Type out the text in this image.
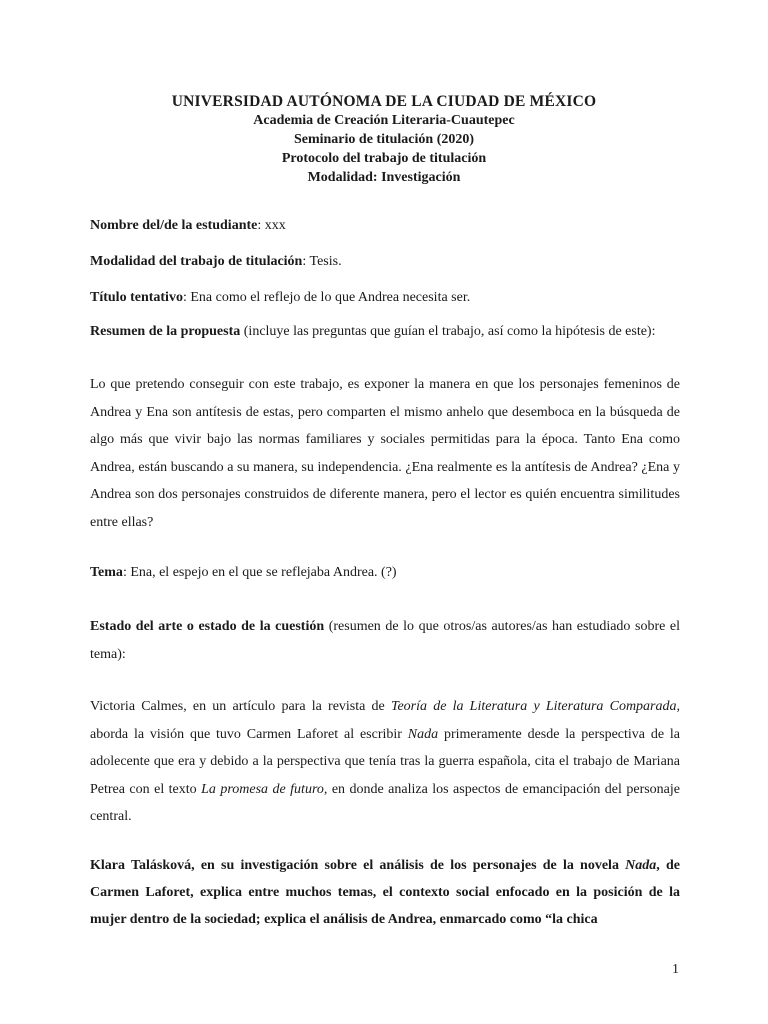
UNIVERSIDAD AUTÓNOMA DE LA CIUDAD DE MÉXICO
Academia de Creación Literaria-Cuautepec
Seminario de titulación (2020)
Protocolo del trabajo de titulación
Modalidad: Investigación
Nombre del/de la estudiante: xxx
Modalidad del trabajo de titulación: Tesis.
Título tentativo: Ena como el reflejo de lo que Andrea necesita ser.
Resumen de la propuesta (incluye las preguntas que guían el trabajo, así como la hipótesis de este):
Lo que pretendo conseguir con este trabajo, es exponer la manera en que los personajes femeninos de Andrea y Ena son antítesis de estas, pero comparten el mismo anhelo que desemboca en la búsqueda de algo más que vivir bajo las normas familiares y sociales permitidas para la época. Tanto Ena como Andrea, están buscando a su manera, su independencia. ¿Ena realmente es la antítesis de Andrea? ¿Ena y Andrea son dos personajes construidos de diferente manera, pero el lector es quién encuentra similitudes entre ellas?
Tema: Ena, el espejo en el que se reflejaba Andrea. (?)
Estado del arte o estado de la cuestión (resumen de lo que otros/as autores/as han estudiado sobre el tema):
Victoria Calmes, en un artículo para la revista de Teoría de la Literatura y Literatura Comparada, aborda la visión que tuvo Carmen Laforet al escribir Nada primeramente desde la perspectiva de la adolecente que era y debido a la perspectiva que tenía tras la guerra española, cita el trabajo de Mariana Petrea con el texto La promesa de futuro, en donde analiza los aspectos de emancipación del personaje central.
Klara Talásková, en su investigación sobre el análisis de los personajes de la novela Nada, de Carmen Laforet, explica entre muchos temas, el contexto social enfocado en la posición de la mujer dentro de la sociedad; explica el análisis de Andrea, enmarcado como “la chica
1
